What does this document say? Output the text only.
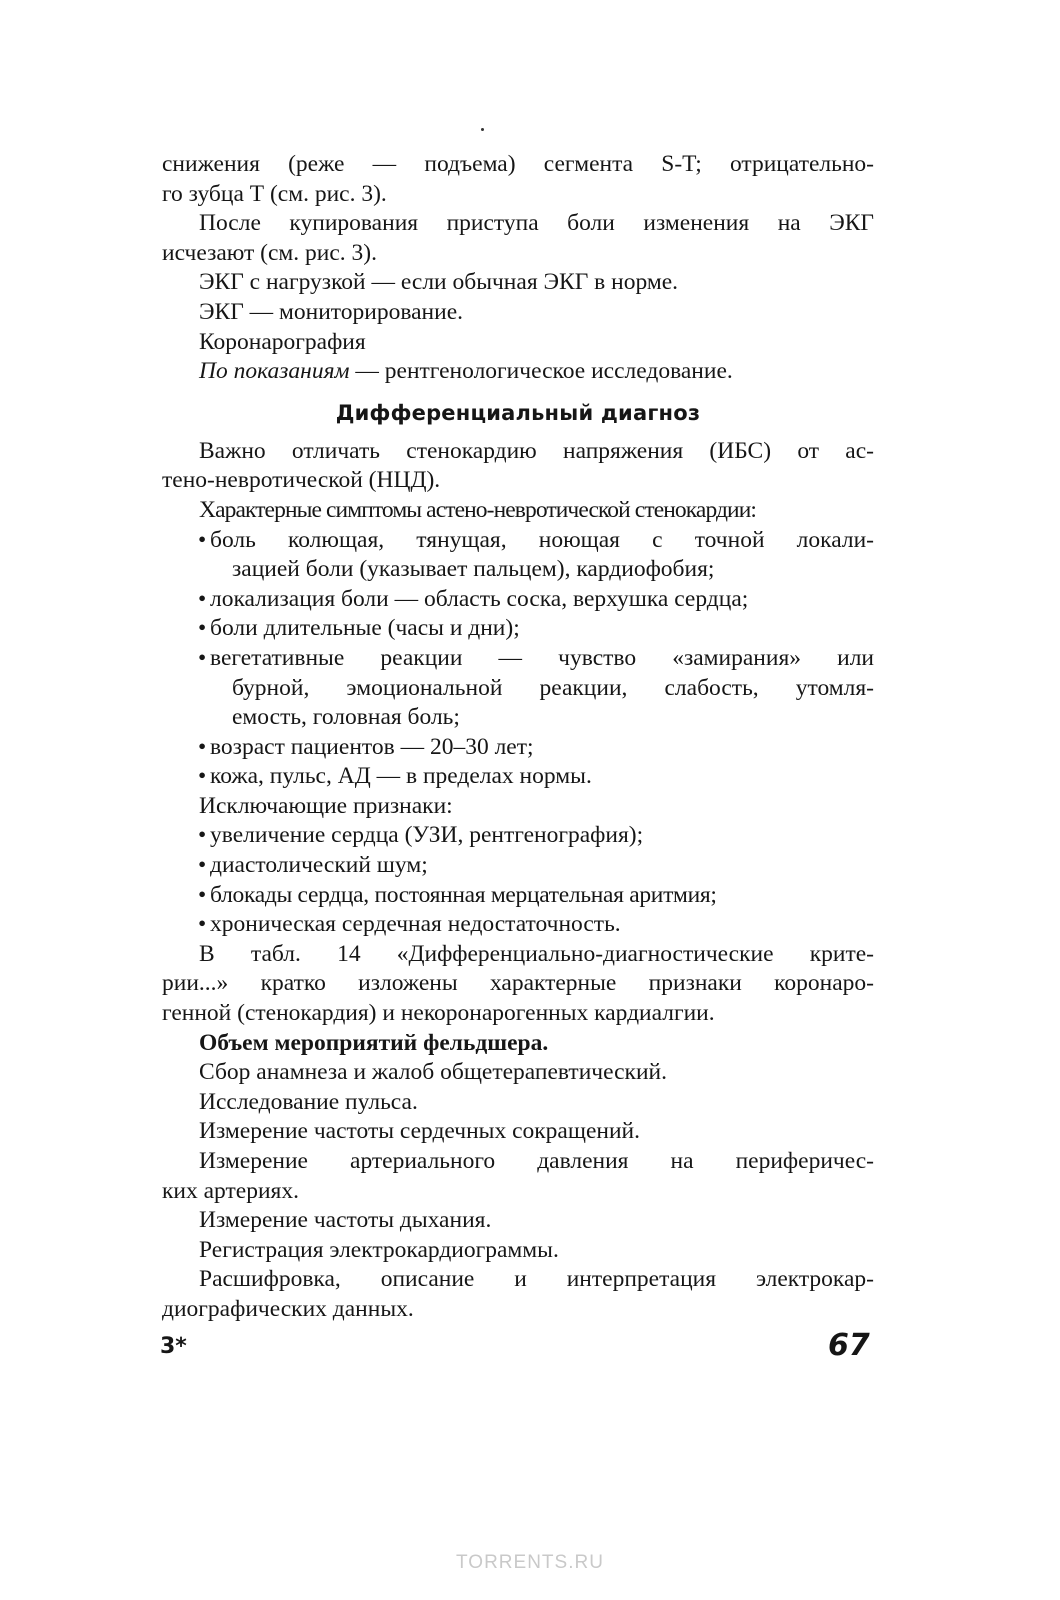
снижения (реже — подъема) сегмента S-T; отрицательно-
го зубца Т (см. рис. 3).
После купирования приступа боли изменения на ЭКГ
исчезают (см. рис. 3).
ЭКГ с нагрузкой — если обычная ЭКГ в норме.
ЭКГ — мониторирование.
Коронарография
По показаниям — рентгенологическое исследование.
Дифференциальный диагноз
Важно отличать стенокардию напряжения (ИБС) от ас-
тено-невротической (НЦД).
Характерные симптомы астено-невротической стенокардии:
• боль колющая, тянущая, ноющая с точной локали-
зацией боли (указывает пальцем), кардиофобия;
• локализация боли — область соска, верхушка сердца;
• боли длительные (часы и дни);
• вегетативные реакции — чувство «замирания» или
бурной, эмоциональной реакции, слабость, утомля-
емость, головная боль;
• возраст пациентов — 20–30 лет;
• кожа, пульс, АД — в пределах нормы.
Исключающие признаки:
• увеличение сердца (УЗИ, рентгенография);
• диастолический шум;
• блокады сердца, постоянная мерцательная аритмия;
• хроническая сердечная недостаточность.
В табл. 14 «Дифференциально-диагностические крите-
рии...» кратко изложены характерные признаки коронаро-
генной (стенокардия) и некоронарогенных кардиалгии.
Объем мероприятий фельдшера.
Сбор анамнеза и жалоб общетерапевтический.
Исследование пульса.
Измерение частоты сердечных сокращений.
Измерение артериального давления на периферичес-
ких артериях.
Измерение частоты дыхания.
Регистрация электрокардиограммы.
Расшифровка, описание и интерпретация электрокар-
диографических данных.
3*	67
TORRENTS.RU
